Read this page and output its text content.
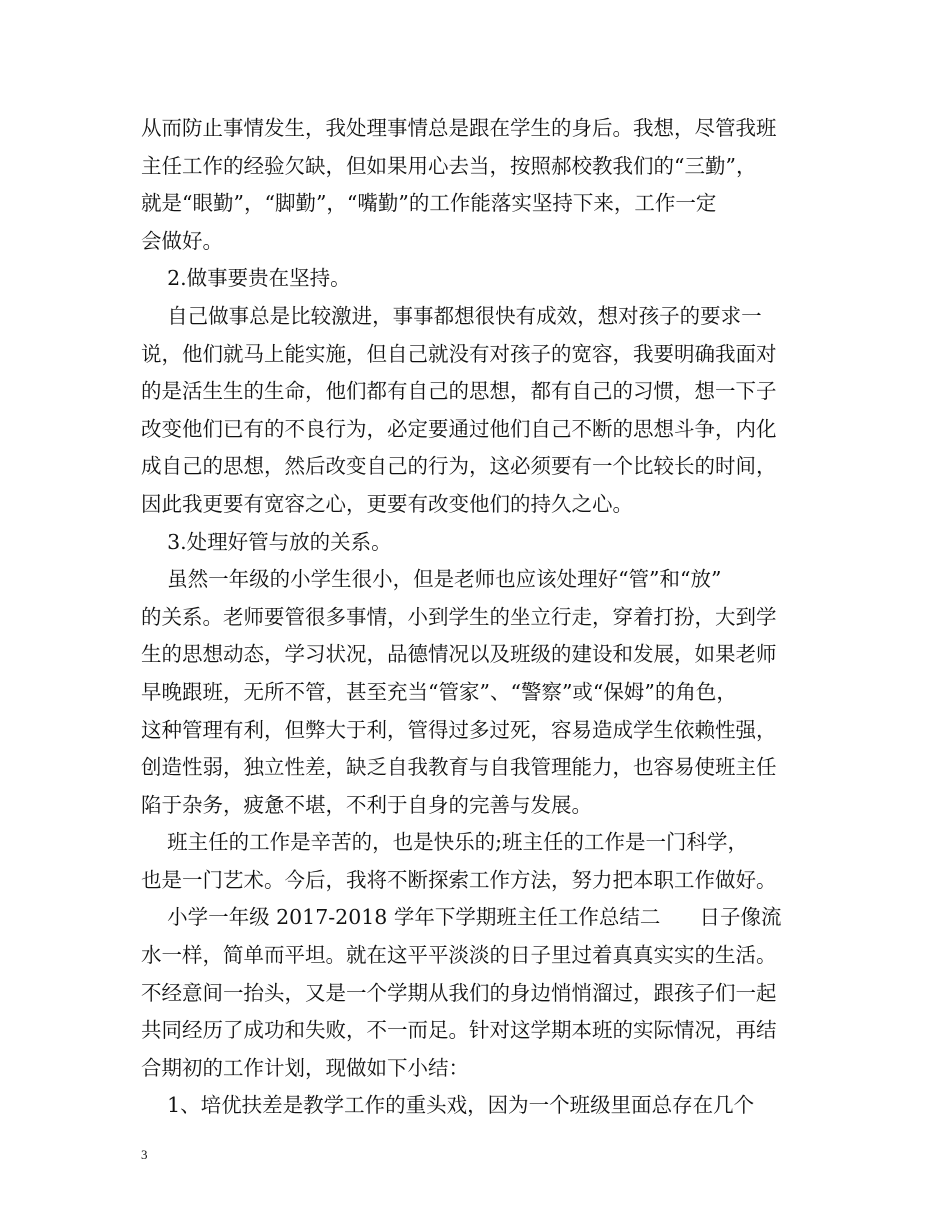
从而防止事情发生，我处理事情总是跟在学生的身后。我想，尽管我班
主任工作的经验欠缺，但如果用心去当，按照郝校教我们的“三勤”，
就是“眼勤”，“脚勤”，“嘴勤”的工作能落实坚持下来，工作一定
会做好。
2.做事要贵在坚持。
自己做事总是比较激进，事事都想很快有成效，想对孩子的要求一
说，他们就马上能实施，但自己就没有对孩子的宽容，我要明确我面对
的是活生生的生命，他们都有自己的思想，都有自己的习惯，想一下子
改变他们已有的不良行为，必定要通过他们自己不断的思想斗争，内化
成自己的思想，然后改变自己的行为，这必须要有一个比较长的时间，
因此我更要有宽容之心，更要有改变他们的持久之心。
3.处理好管与放的关系。
虽然一年级的小学生很小，但是老师也应该处理好“管”和“放”
的关系。老师要管很多事情，小到学生的坐立行走，穿着打扮，大到学
生的思想动态，学习状况，品德情况以及班级的建设和发展，如果老师
早晚跟班，无所不管，甚至充当“管家”、“警察”或“保姆”的角色，
这种管理有利，但弊大于利，管得过多过死，容易造成学生依赖性强，
创造性弱，独立性差，缺乏自我教育与自我管理能力，也容易使班主任
陷于杂务，疲惫不堪，不利于自身的完善与发展。
班主任的工作是辛苦的，也是快乐的;班主任的工作是一门科学，
也是一门艺术。今后，我将不断探索工作方法，努力把本职工作做好。
小学一年级 2017-2018 学年下学期班主任工作总结二      日子像流
水一样，简单而平坦。就在这平平淡淡的日子里过着真真实实的生活。
不经意间一抬头，又是一个学期从我们的身边悄悄溜过，跟孩子们一起
共同经历了成功和失败，不一而足。针对这学期本班的实际情况，再结
合期初的工作计划，现做如下小结：
1、培优扶差是教学工作的重头戏，因为一个班级里面总存在几个
3
